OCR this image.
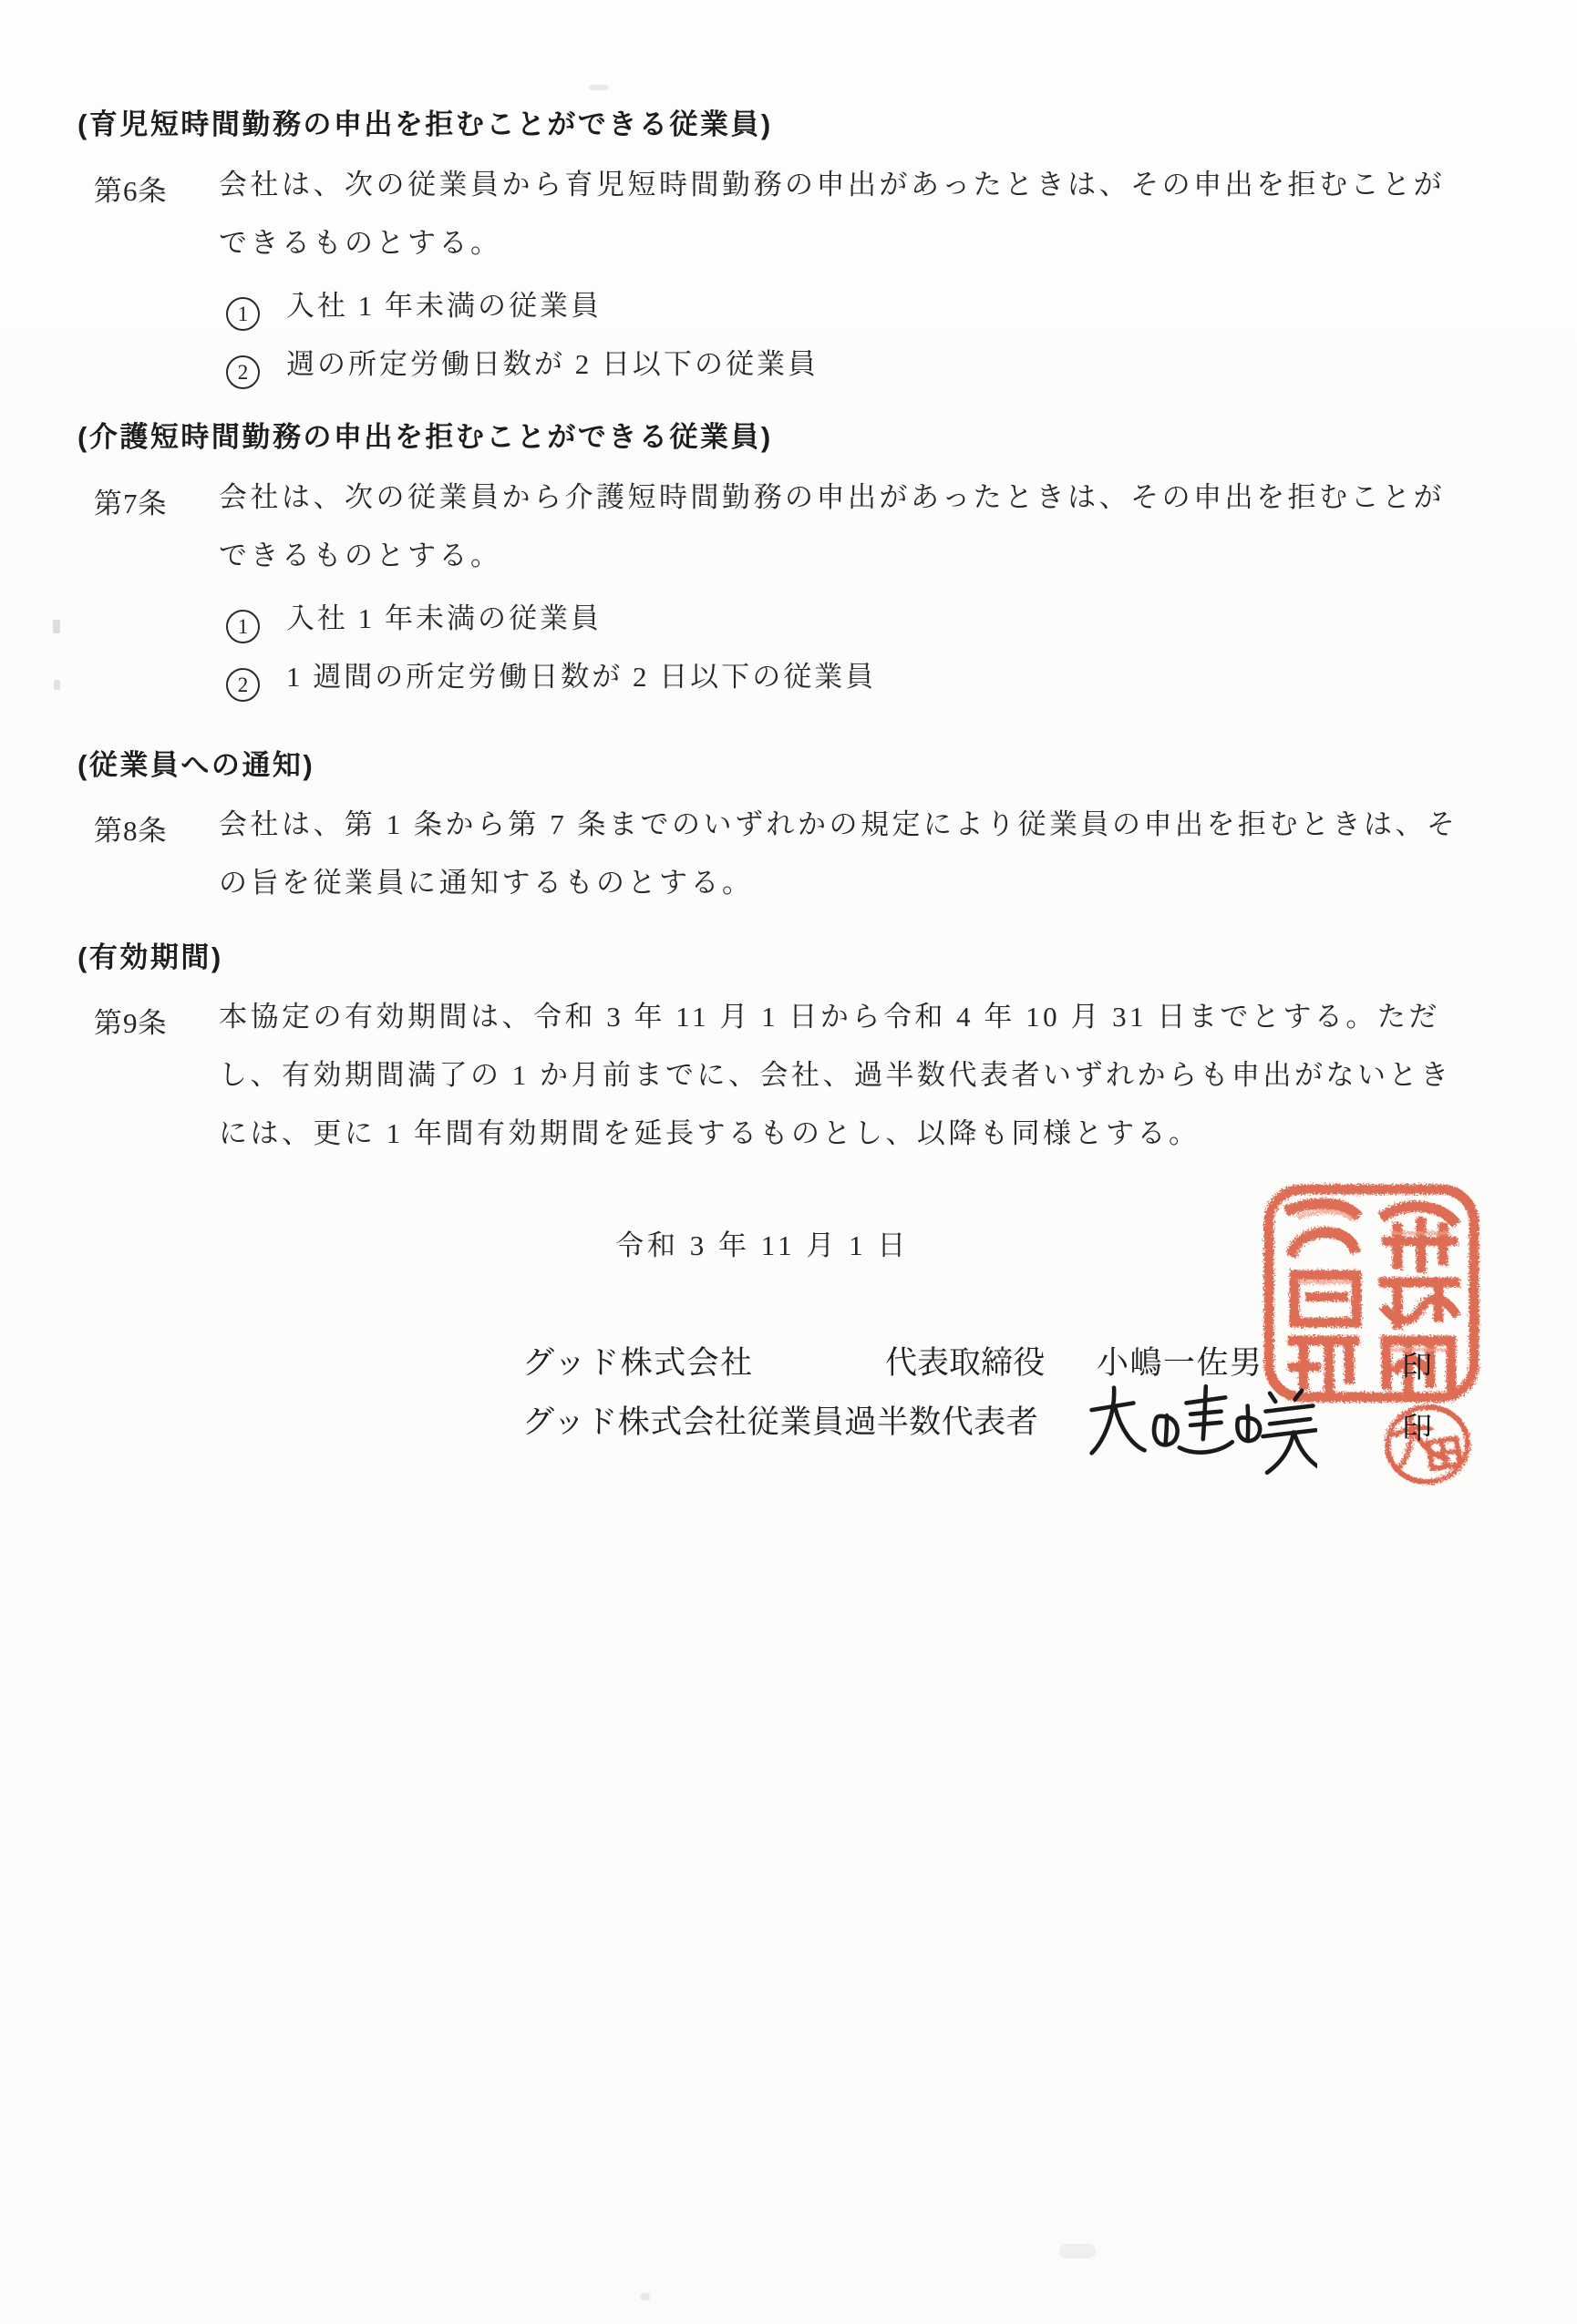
(育児短時間勤務の申出を拒むことができる従業員)
第6条 会社は、次の従業員から育児短時間勤務の申出があったときは、その申出を拒むことが
できるものとする。
1 入社 1 年未満の従業員
2 週の所定労働日数が 2 日以下の従業員
(介護短時間勤務の申出を拒むことができる従業員)
第7条 会社は、次の従業員から介護短時間勤務の申出があったときは、その申出を拒むことが
できるものとする。
1 入社 1 年未満の従業員
2 1 週間の所定労働日数が 2 日以下の従業員
(従業員への通知)
第8条 会社は、第 1 条から第 7 条までのいずれかの規定により従業員の申出を拒むときは、そ
の旨を従業員に通知するものとする。
(有効期間)
第9条 本協定の有効期間は、令和 3 年 11 月 1 日から令和 4 年 10 月 31 日までとする。ただ
し、有効期間満了の 1 か月前までに、会社、過半数代表者いずれからも申出がないとき
には、更に 1 年間有効期間を延長するものとし、以降も同様とする。
令和 3 年 11 月 1 日
グッド株式会社	代表取締役 小嶋一佐男	印
グッド株式会社従業員過半数代表者	印
